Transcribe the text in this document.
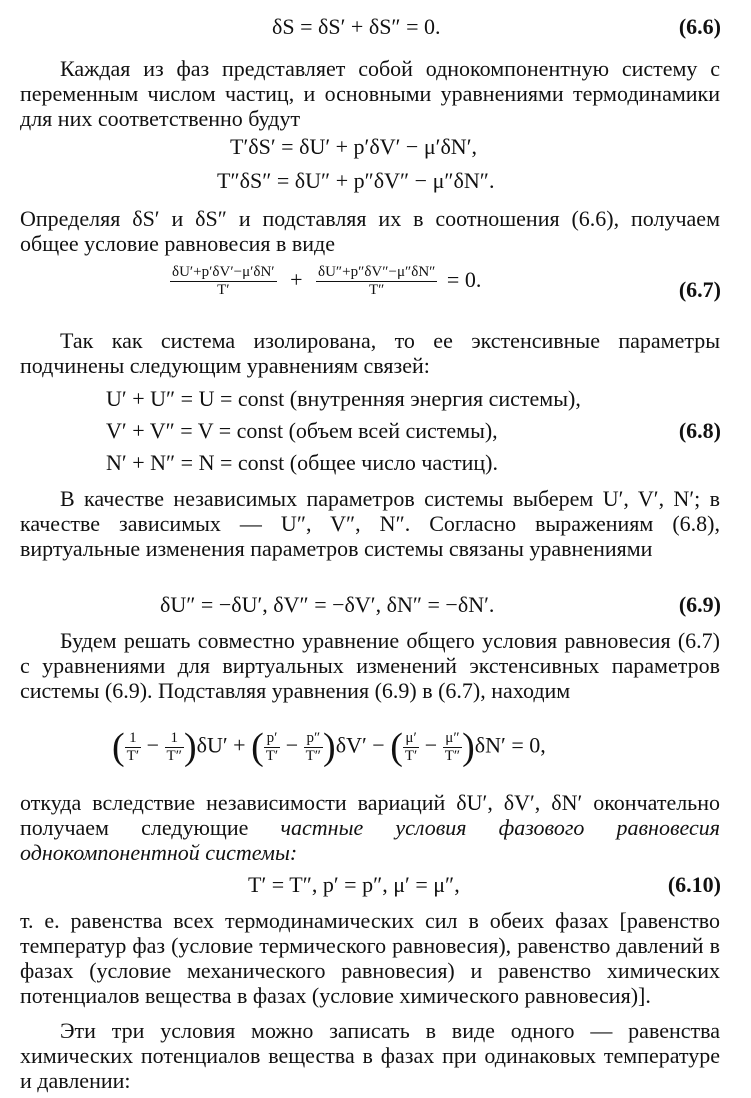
δS = δS′ + δS″ = 0.	(6.6)
Каждая из фаз представляет собой однокомпонентную систему с переменным числом частиц, и основными уравнениями термодинамики для них соответственно будут
T′δS′ = δU′ + p′δV′ − μ′δN′,
T″δS″ = δU″ + p″δV″ − μ″δN″.
Определяя δS′ и δS″ и подставляя их в соотношения (6.6), получаем общее условие равновесия в виде
$\frac{\delta U'+p'\delta V'-\mu'\delta N'}{T'} + \frac{\delta U''+p''\delta V''-\mu''\delta N''}{T''} = 0$.	(6.7)
Так как система изолирована, то ее экстенсивные параметры подчинены следующим уравнениям связей:
U′ + U″ = U = const (внутренняя энергия системы),
V′ + V″ = V = const (объем всей системы),
N′ + N″ = N = const (общее число частиц).
(6.8)
В качестве независимых параметров системы выберем U′, V′, N′; в качестве зависимых — U″, V″, N″. Согласно выражениям (6.8), виртуальные изменения параметров системы связаны уравнениями
δU″ = −δU′, δV″ = −δV′, δN″ = −δN′.	(6.9)
Будем решать совместно уравнение общего условия равновесия (6.7) с уравнениями для виртуальных изменений экстенсивных параметров системы (6.9). Подставляя уравнения (6.9) в (6.7), находим
( $\frac{1}{T'} - \frac{1}{T''} )\delta U'$ + ( $\frac{p'}{T'} - \frac{p''}{T''} )\delta V'$ − ( $\frac{\mu'}{T'} - \frac{\mu''}{T''} )\delta N' = 0$,
откуда вследствие независимости вариаций δU′, δV′, δN′ окончательно получаем следующие частные условия фазового равновесия однокомпонентной системы:
T′ = T″, p′ = p″, μ′ = μ″,	(6.10)
т. е. равенства всех термодинамических сил в обеих фазах [равенство температур фаз (условие термического равновесия), равенство давлений в фазах (условие механического равновесия) и равенство химических потенциалов вещества в фазах (условие химического равновесия)].
Эти три условия можно записать в виде одного — равенства химических потенциалов вещества в фазах при одинаковых температуре и давлении:
